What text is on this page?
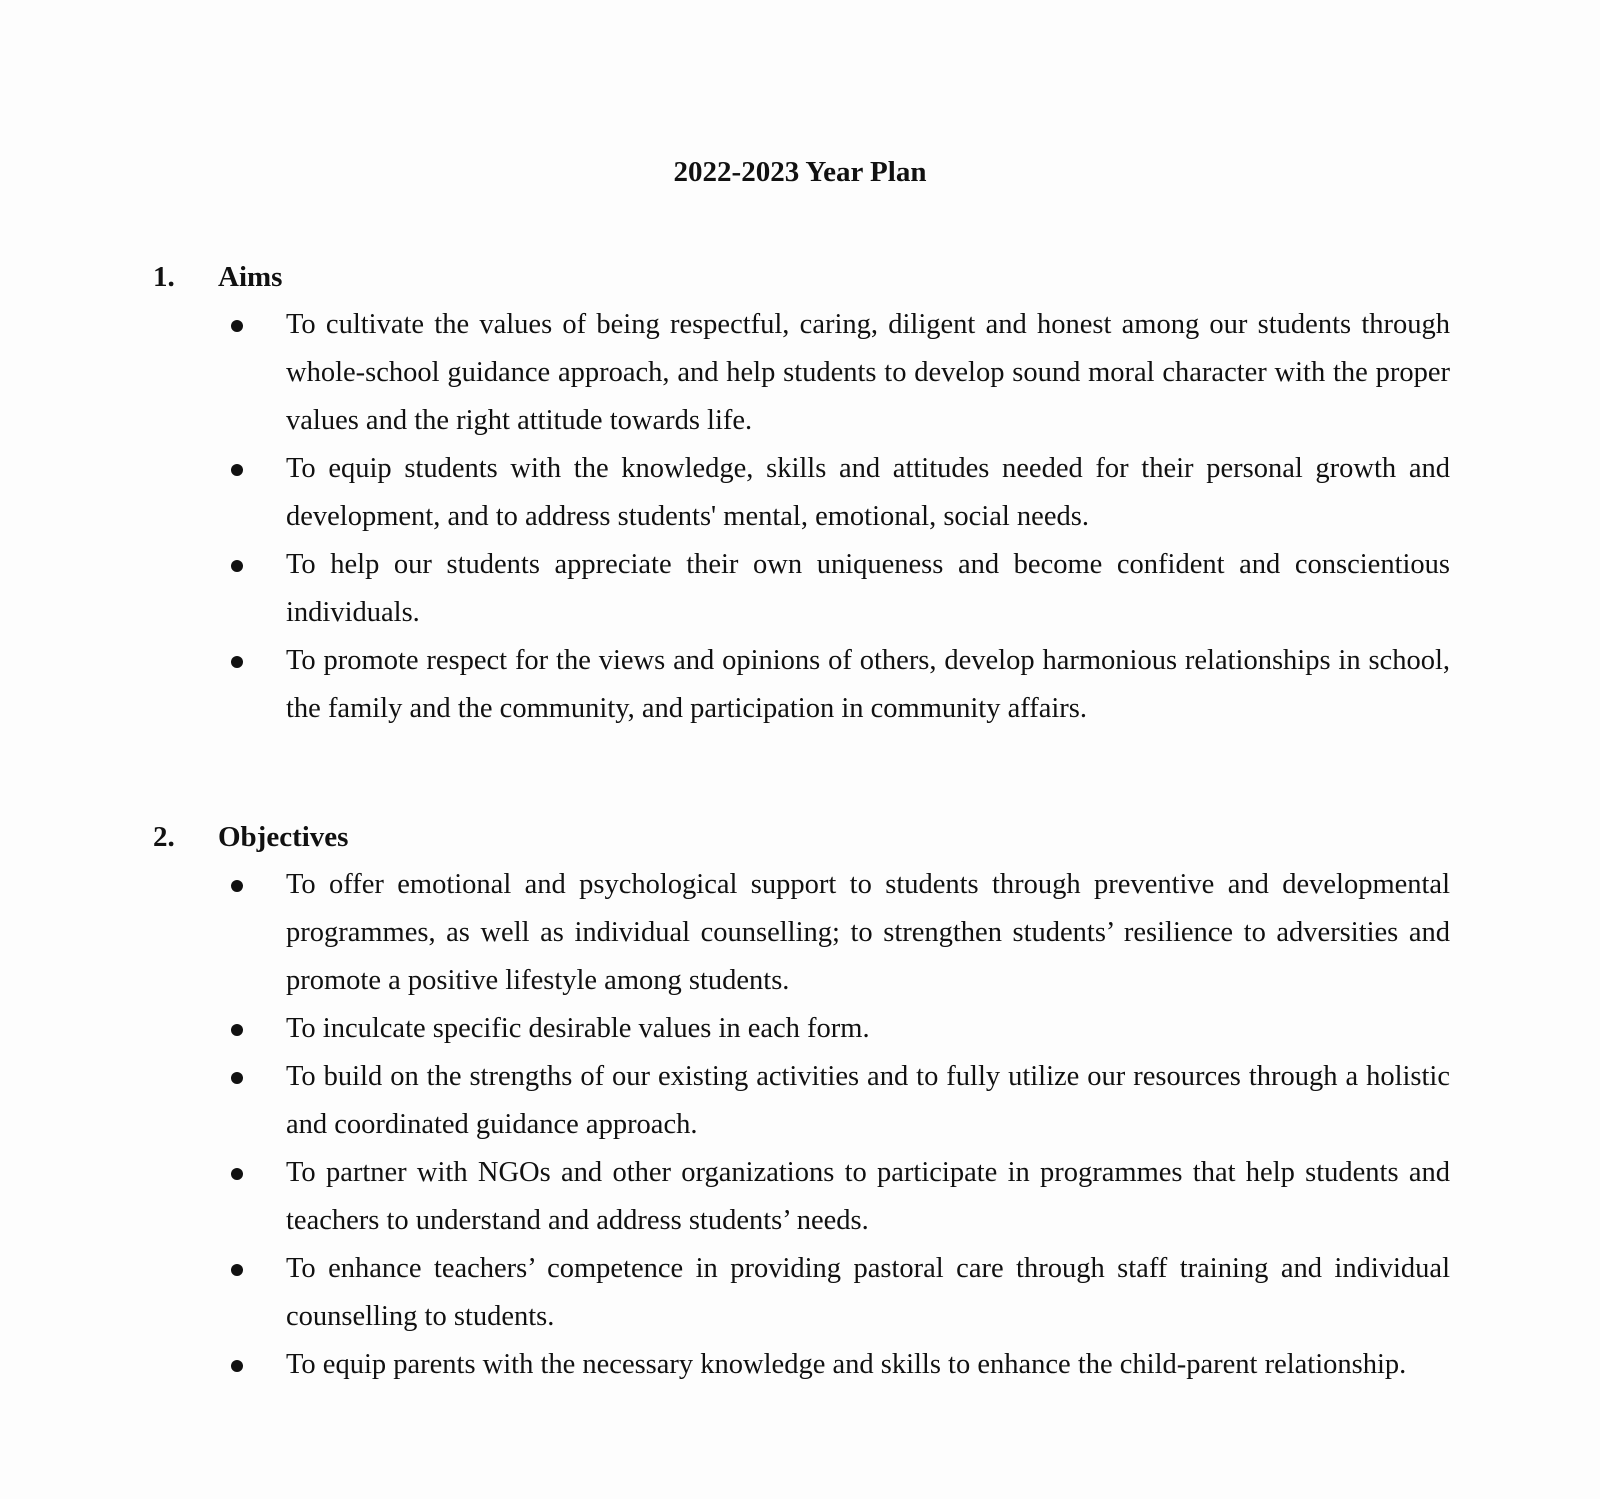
2022-2023 Year Plan
1. Aims
To cultivate the values of being respectful, caring, diligent and honest among our students through whole-school guidance approach, and help students to develop sound moral character with the proper values and the right attitude towards life.
To equip students with the knowledge, skills and attitudes needed for their personal growth and development, and to address students' mental, emotional, social needs.
To help our students appreciate their own uniqueness and become confident and conscientious individuals.
To promote respect for the views and opinions of others, develop harmonious relationships in school, the family and the community, and participation in community affairs.
2. Objectives
To offer emotional and psychological support to students through preventive and developmental programmes, as well as individual counselling; to strengthen students’ resilience to adversities and promote a positive lifestyle among students.
To inculcate specific desirable values in each form.
To build on the strengths of our existing activities and to fully utilize our resources through a holistic and coordinated guidance approach.
To partner with NGOs and other organizations to participate in programmes that help students and teachers to understand and address students’ needs.
To enhance teachers’ competence in providing pastoral care through staff training and individual counselling to students.
To equip parents with the necessary knowledge and skills to enhance the child-parent relationship.
